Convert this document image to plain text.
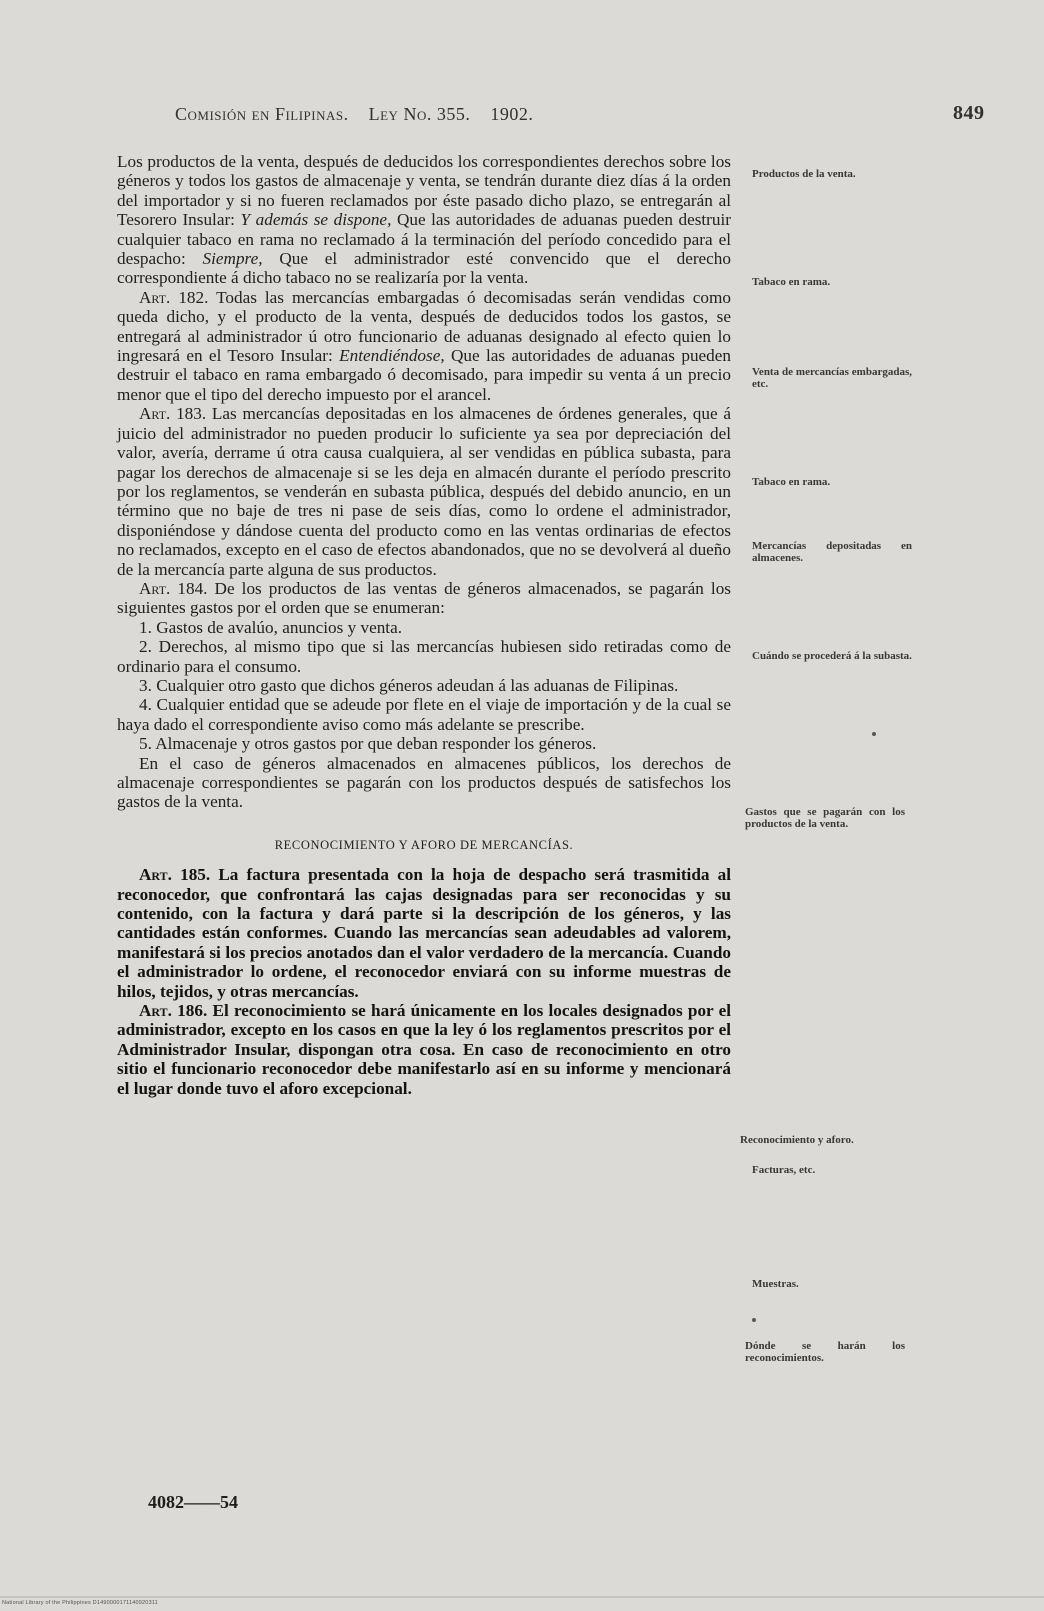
Comisión en Filipinas. Ley No. 355. 1902.	849

Los productos de la venta, después de deducidos los correspondientes derechos sobre los géneros y todos los gastos de almacenaje y venta, se tendrán durante diez días á la orden del importador y si no fueren reclamados por éste pasado dicho plazo, se entregarán al Tesorero Insular: Y además se dispone, Que las autoridades de aduanas pueden destruir cualquier tabaco en rama no reclamado á la terminación del período concedido para el despacho: Siempre, Que el administrador esté convencido que el derecho correspondiente á dicho tabaco no se realizaría por la venta.

Art. 182. Todas las mercancías embargadas ó decomisadas serán vendidas como queda dicho, y el producto de la venta, después de deducidos todos los gastos, se entregará al administrador ú otro funcionario de aduanas designado al efecto quien lo ingresará en el Tesoro Insular: Entendiéndose, Que las autoridades de aduanas pueden destruir el tabaco en rama embargado ó decomisado, para impedir su venta á un precio menor que el tipo del derecho impuesto por el arancel.

Art. 183. Las mercancías depositadas en los almacenes de órdenes generales, que á juicio del administrador no pueden producir lo suficiente ya sea por depreciación del valor, avería, derrame ú otra causa cualquiera, al ser vendidas en pública subasta, para pagar los derechos de almacenaje si se les deja en almacén durante el período prescrito por los reglamentos, se venderán en subasta pública, después del debido anuncio, en un término que no baje de tres ni pase de seis días, como lo ordene el administrador, disponiéndose y dándose cuenta del producto como en las ventas ordinarias de efectos no reclamados, excepto en el caso de efectos abandonados, que no se devolverá al dueño de la mercancía parte alguna de sus productos.

Art. 184. De los productos de las ventas de géneros almacenados, se pagarán los siguientes gastos por el orden que se enumeran:

1. Gastos de avalúo, anuncios y venta.

2. Derechos, al mismo tipo que si las mercancías hubiesen sido retiradas como de ordinario para el consumo.

3. Cualquier otro gasto que dichos géneros adeudan á las aduanas de Filipinas.

4. Cualquier entidad que se adeude por flete en el viaje de importación y de la cual se haya dado el correspondiente aviso como más adelante se prescribe.

5. Almacenaje y otros gastos por que deban responder los géneros.

En el caso de géneros almacenados en almacenes públicos, los derechos de almacenaje correspondientes se pagarán con los productos después de satisfechos los gastos de la venta.

RECONOCIMIENTO Y AFORO DE MERCANCÍAS.

Art. 185. La factura presentada con la hoja de despacho será trasmitida al reconocedor, que confrontará las cajas designadas para ser reconocidas y su contenido, con la factura y dará parte si la descripción de los géneros, y las cantidades están conformes. Cuando las mercancías sean adeudables ad valorem, manifestará si los precios anotados dan el valor verdadero de la mercancía. Cuando el administrador lo ordene, el reconocedor enviará con su informe muestras de hilos, tejidos, y otras mercancías.

Art. 186. El reconocimiento se hará únicamente en los locales designados por el administrador, excepto en los casos en que la ley ó los reglamentos prescritos por el Administrador Insular, dispongan otra cosa. En caso de reconocimiento en otro sitio el funcionario reconocedor debe manifestarlo así en su informe y mencionará el lugar donde tuvo el aforo excepcional.

Productos de la venta.
Tabaco en rama.
Venta de mercancías embargadas, etc.
Tabaco en rama.
Mercancías depositadas en almacenes.
Cuándo se procederá á la subasta.
Gastos que se pagarán con los productos de la venta.
Reconocimiento y aforo.
Facturas, etc.
Muestras.
Dónde se harán los reconocimientos.
4082——54
National Library of the Philippines D1490000171140920311
